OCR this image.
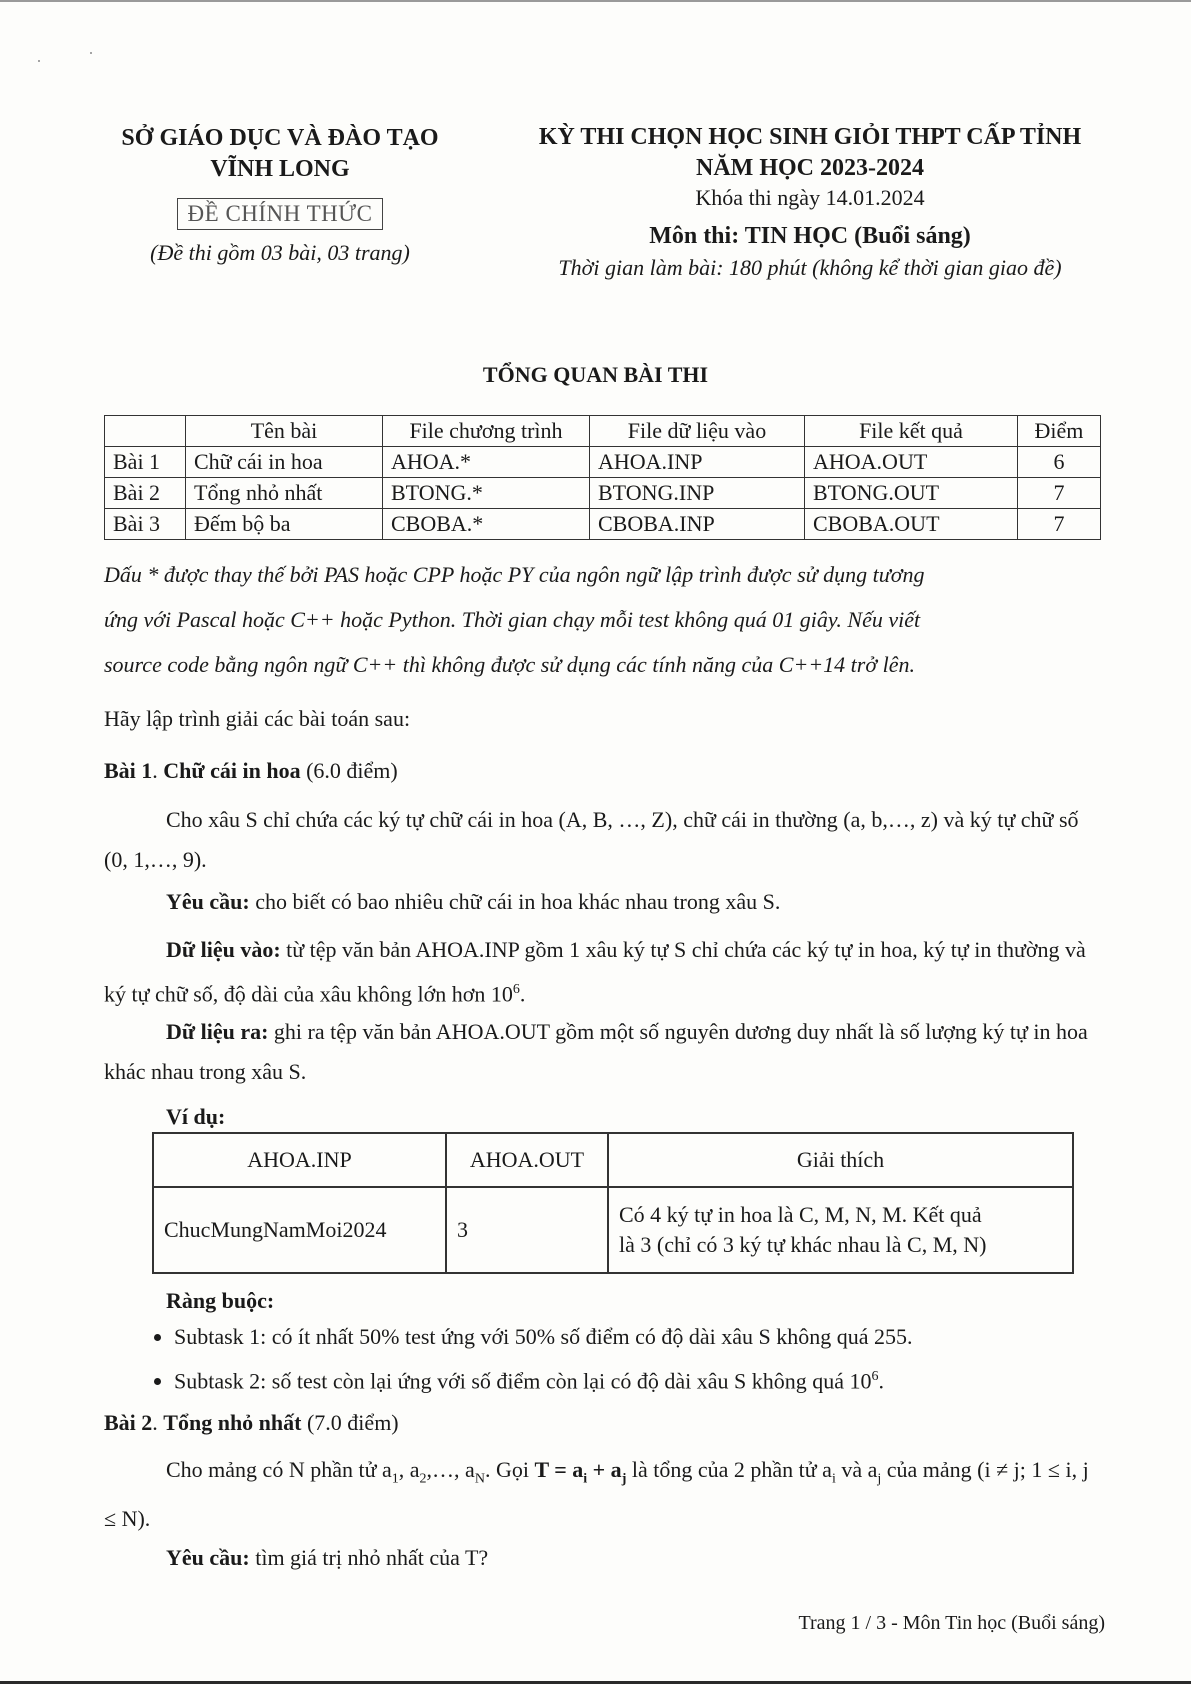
SỞ GIÁO DỤC VÀ ĐÀO TẠO
VĨNH LONG
ĐỀ CHÍNH THỨC
(Đề thi gồm 03 bài, 03 trang)
KỲ THI CHỌN HỌC SINH GIỎI THPT CẤP TỈNH
NĂM HỌC 2023-2024
Khóa thi ngày 14.01.2024
Môn thi: TIN HỌC (Buổi sáng)
Thời gian làm bài: 180 phút (không kể thời gian giao đề)
TỔNG QUAN BÀI THI
	Tên bài	File chương trình	File dữ liệu vào	File kết quả	Điểm
Bài 1	Chữ cái in hoa	AHOA.*	AHOA.INP	AHOA.OUT	6
Bài 2	Tổng nhỏ nhất	BTONG.*	BTONG.INP	BTONG.OUT	7
Bài 3	Đếm bộ ba	CBOBA.*	CBOBA.INP	CBOBA.OUT	7
Dấu * được thay thế bởi PAS hoặc CPP hoặc PY của ngôn ngữ lập trình được sử dụng tương
ứng với Pascal hoặc C++ hoặc Python. Thời gian chạy mỗi test không quá 01 giây. Nếu viết
source code bằng ngôn ngữ C++ thì không được sử dụng các tính năng của C++14 trở lên.
Hãy lập trình giải các bài toán sau:
Bài 1. Chữ cái in hoa (6.0 điểm)
Cho xâu S chỉ chứa các ký tự chữ cái in hoa (A, B, …, Z), chữ cái in thường (a, b,…, z) và ký tự chữ số (0, 1,…, 9).
Yêu cầu: cho biết có bao nhiêu chữ cái in hoa khác nhau trong xâu S.
Dữ liệu vào: từ tệp văn bản AHOA.INP gồm 1 xâu ký tự S chỉ chứa các ký tự in hoa, ký tự in thường và ký tự chữ số, độ dài của xâu không lớn hơn $10^6$.
Dữ liệu ra: ghi ra tệp văn bản AHOA.OUT gồm một số nguyên dương duy nhất là số lượng ký tự in hoa khác nhau trong xâu S.
Ví dụ:
AHOA.INP	AHOA.OUT	Giải thích
ChucMungNamMoi2024	3	Có 4 ký tự in hoa là C, M, N, M. Kết quả
là 3 (chỉ có 3 ký tự khác nhau là C, M, N)
Ràng buộc:
• Subtask 1: có ít nhất 50% test ứng với 50% số điểm có độ dài xâu S không quá 255.
• Subtask 2: số test còn lại ứng với số điểm còn lại có độ dài xâu S không quá $10^6$.
Bài 2. Tổng nhỏ nhất (7.0 điểm)
Cho mảng có N phần tử $a_1$, $a_2,\dots$, $a_N$. Gọi $T = a_i + a_j$ là tổng của 2 phần tử $a_i$ và $a_j$ của mảng (i ≠ j; 1 ≤ i, j ≤ N).
Yêu cầu: tìm giá trị nhỏ nhất của T?
Trang 1 / 3 - Môn Tin học (Buổi sáng)
